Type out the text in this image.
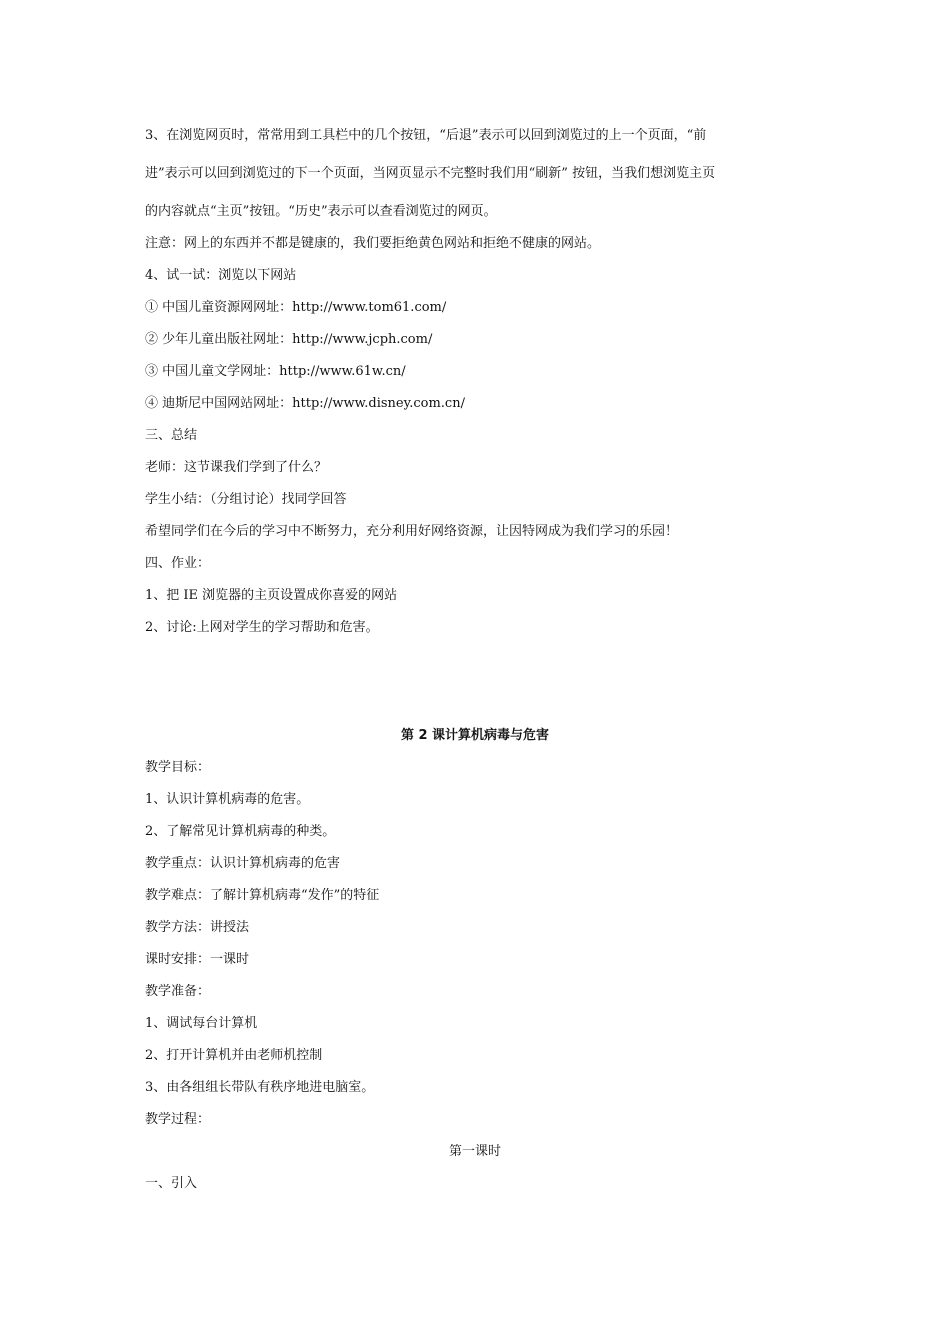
3、在浏览网页时，常常用到工具栏中的几个按钮，“后退”表示可以回到浏览过的上一个页面，“前
进”表示可以回到浏览过的下一个页面，当网页显示不完整时我们用“刷新” 按钮，当我们想浏览主页
的内容就点“主页”按钮。“历史”表示可以查看浏览过的网页。
注意：网上的东西并不都是键康的，我们要拒绝黄色网站和拒绝不健康的网站。
4、试一试：浏览以下网站
① 中国儿童资源网网址：http://www.tom61.com/
② 少年儿童出版社网址：http://www.jcph.com/
③ 中国儿童文学网址：http://www.61w.cn/
④ 迪斯尼中国网站网址：http://www.disney.com.cn/
三、总结
老师：这节课我们学到了什么？
学生小结：（分组讨论）找同学回答
希望同学们在今后的学习中不断努力，充分利用好网络资源，让因特网成为我们学习的乐园！
四、作业：
1、把 IE 浏览器的主页设置成你喜爱的网站
2、讨论:上网对学生的学习帮助和危害。
第 2 课计算机病毒与危害
教学目标：
1、认识计算机病毒的危害。
2、了解常见计算机病毒的种类。
教学重点：认识计算机病毒的危害
教学难点：了解计算机病毒“发作”的特征
教学方法：讲授法
课时安排：一课时
教学准备：
1、调试每台计算机
2、打开计算机并由老师机控制
3、由各组组长带队有秩序地进电脑室。
教学过程：
第一课时
一、引入
